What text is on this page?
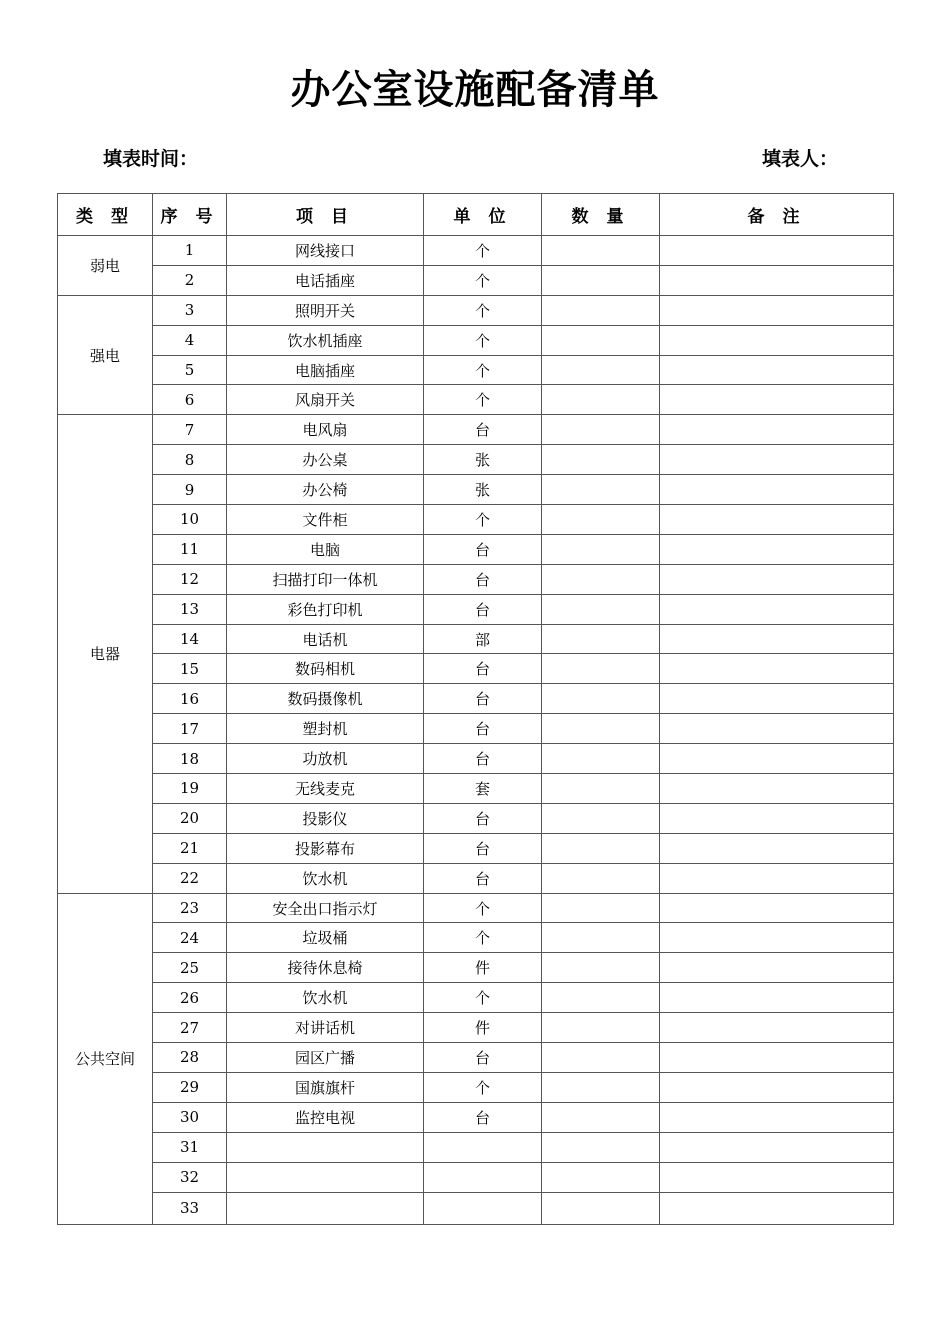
办公室设施配备清单
填表时间：	填表人：
类 型	序 号	项 目	单 位	数 量	备 注
弱电	1	网线接口	个		
	2	电话插座	个		
强电	3	照明开关	个		
	4	饮水机插座	个		
	5	电脑插座	个		
	6	风扇开关	个		
电器	7	电风扇	台		
	8	办公桌	张		
	9	办公椅	张		
	10	文件柜	个		
	11	电脑	台		
	12	扫描打印一体机	台		
	13	彩色打印机	台		
	14	电话机	部		
	15	数码相机	台		
	16	数码摄像机	台		
	17	塑封机	台		
	18	功放机	台		
	19	无线麦克	套		
	20	投影仪	台		
	21	投影幕布	台		
	22	饮水机	台		
公共空间	23	安全出口指示灯	个		
	24	垃圾桶	个		
	25	接待休息椅	件		
	26	饮水机	个		
	27	对讲话机	件		
	28	园区广播	台		
	29	国旗旗杆	个		
	30	监控电视	台		
	31				
	32				
	33				
